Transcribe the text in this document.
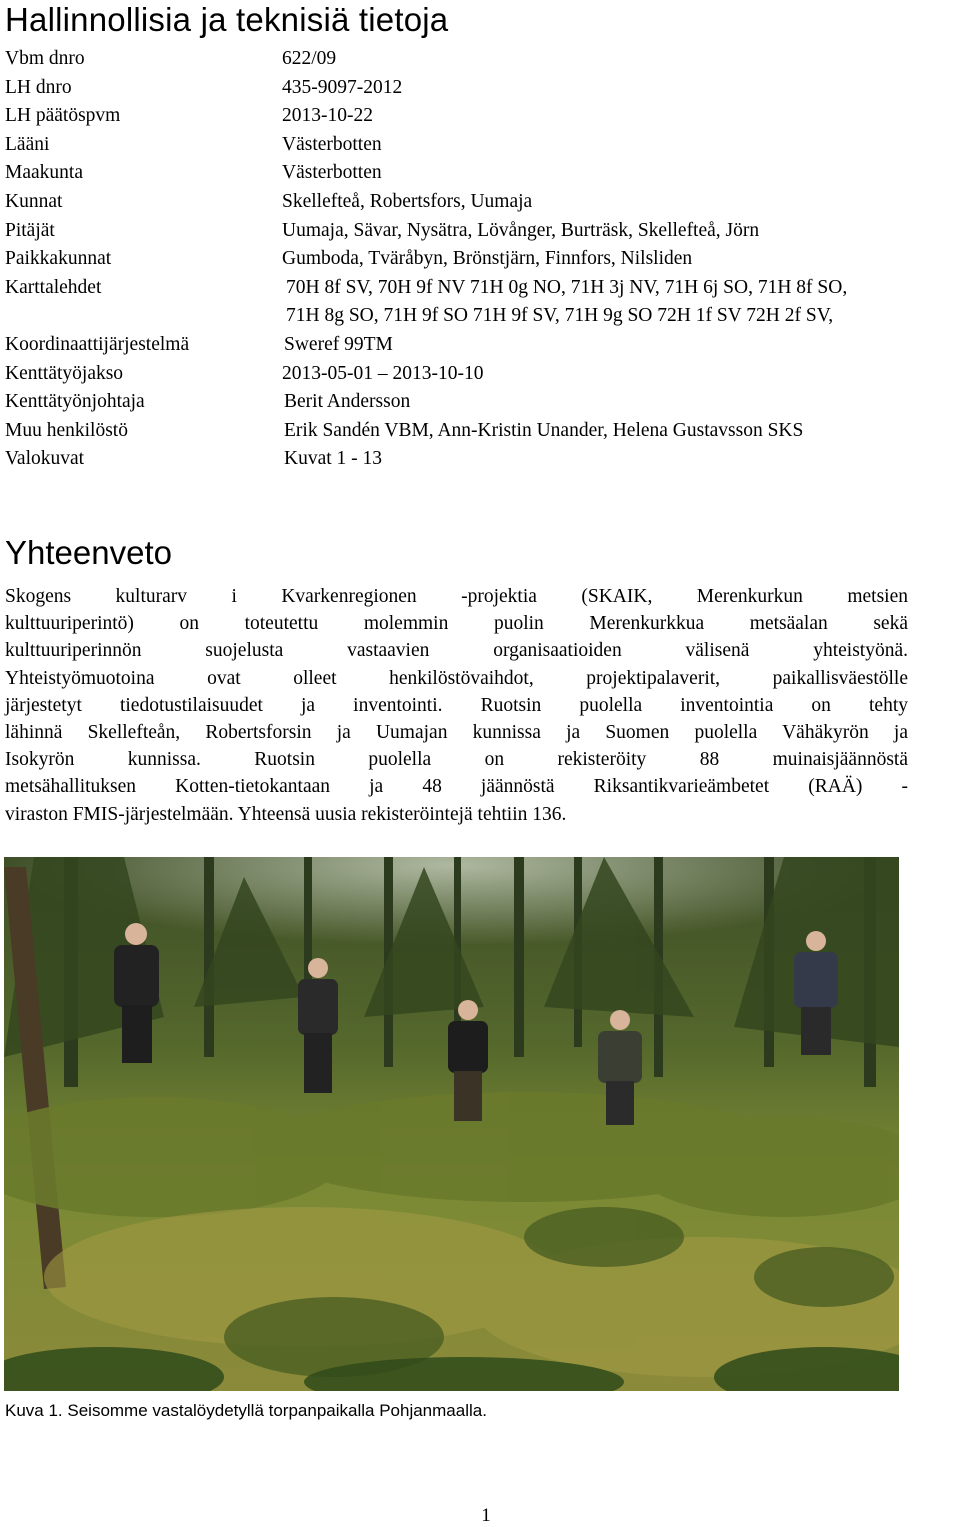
Hallinnollisia ja teknisiä tietoja
Vbm dnro	622/09
LH dnro	435-9097-2012
LH päätöspvm	2013-10-22
Lääni	Västerbotten
Maakunta	Västerbotten
Kunnat	Skellefteå, Robertsfors, Uumaja
Pitäjät	Uumaja, Sävar, Nysätra, Lövånger, Burträsk, Skellefteå, Jörn
Paikkakunnat	Gumboda, Tväråbyn, Brönstjärn, Finnfors, Nilsliden
Karttalehdet	70H 8f SV, 70H 9f NV 71H 0g NO, 71H 3j NV, 71H 6j SO, 71H 8f SO,
71H 8g SO, 71H 9f SO 71H 9f SV, 71H 9g SO 72H 1f SV 72H 2f SV,
Koordinaattijärjestelmä	Sweref 99TM
Kenttätyöjakso	2013-05-01 – 2013-10-10
Kenttätyönjohtaja	Berit Andersson
Muu henkilöstö	Erik Sandén VBM, Ann-Kristin Unander, Helena Gustavsson SKS
Valokuvat	Kuvat 1 - 13
Yhteenveto
Skogens kulturarv i Kvarkenregionen -projektia (SKAIK, Merenkurkun metsien
kulttuuriperintö) on toteutettu molemmin puolin Merenkurkkua metsäalan sekä
kulttuuriperinnön suojelusta vastaavien organisaatioiden välisenä yhteistyönä.
Yhteistyömuotoina ovat olleet henkilöstövaihdot, projektipalaverit, paikallisväestölle
järjestetyt tiedotustilaisuudet ja inventointi. Ruotsin puolella inventointia on tehty
lähinnä Skellefteån, Robertsforsin ja Uumajan kunnissa ja Suomen puolella Vähäkyrön ja
Isokyrön kunnissa. Ruotsin puolella on rekisteröity 88 muinaisjäännöstä
metsähallituksen Kotten-tietokantaan ja 48 jäännöstä Riksantikvarieämbetet (RAÄ) -
viraston FMIS-järjestelmään. Yhteensä uusia rekisteröintejä tehtiin 136.
Kuva 1. Seisomme vastalöydetyllä torpanpaikalla Pohjanmaalla.
1
